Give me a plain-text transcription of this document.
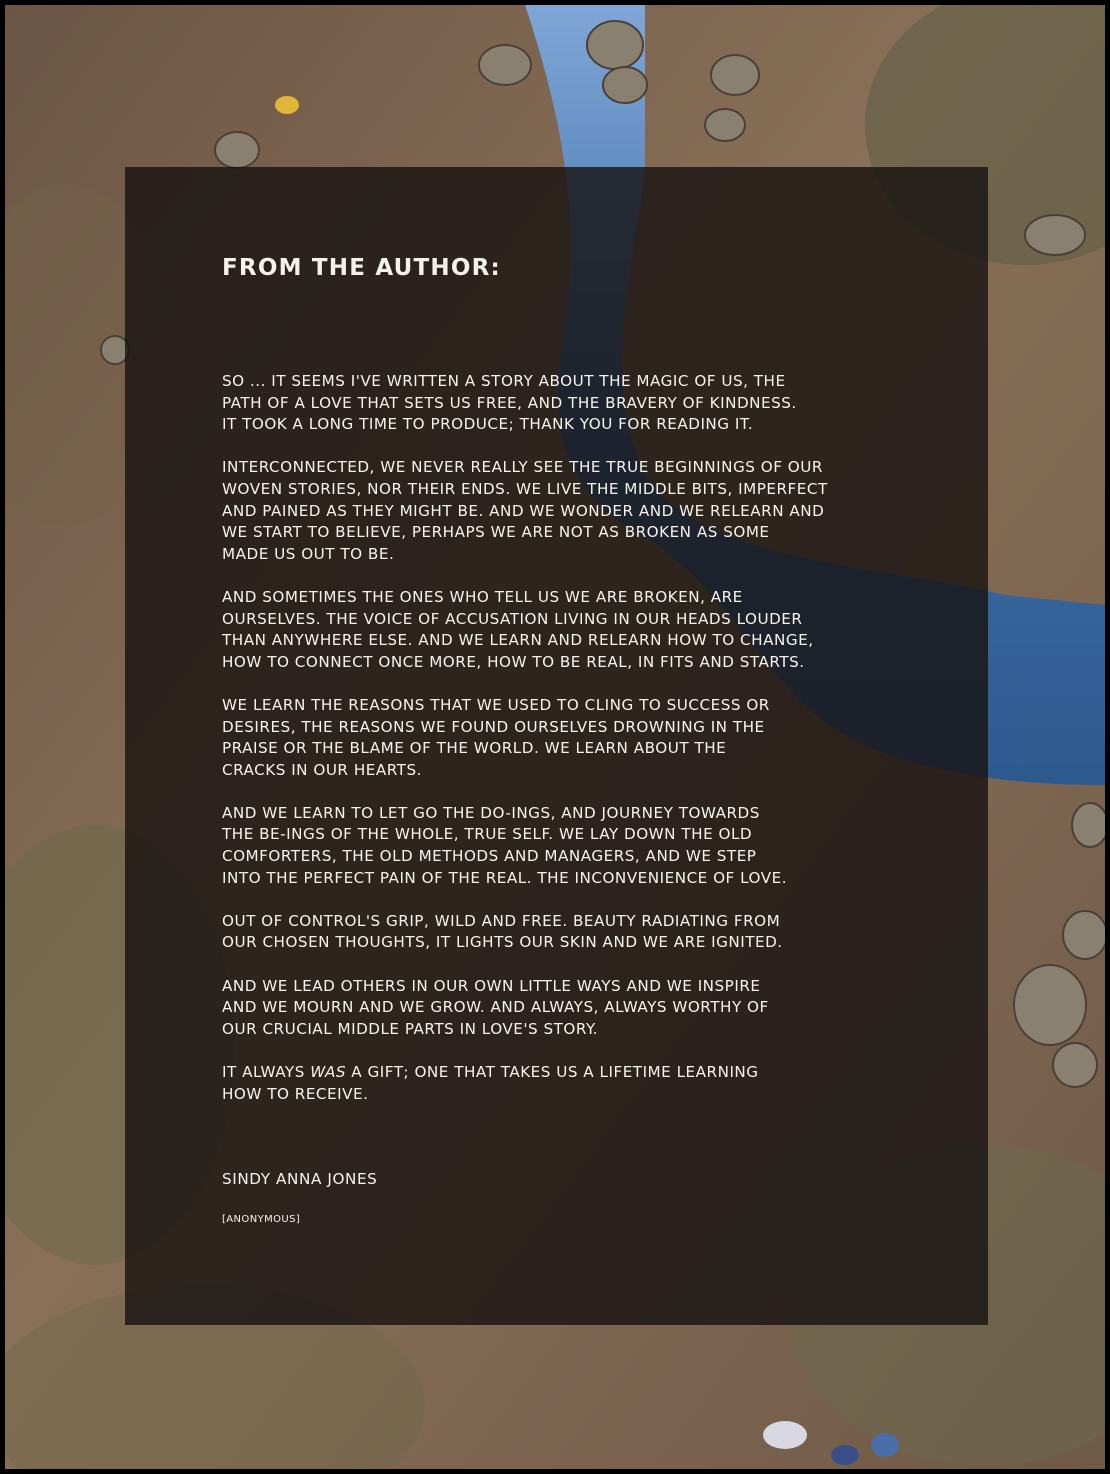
FROM THE AUTHOR:

SO ... IT SEEMS I'VE WRITTEN A STORY ABOUT THE MAGIC OF US, THE
PATH OF A LOVE THAT SETS US FREE, AND THE BRAVERY OF KINDNESS.
IT TOOK A LONG TIME TO PRODUCE; THANK YOU FOR READING IT.

INTERCONNECTED, WE NEVER REALLY SEE THE TRUE BEGINNINGS OF OUR
WOVEN STORIES, NOR THEIR ENDS. WE LIVE THE MIDDLE BITS, IMPERFECT
AND PAINED AS THEY MIGHT BE. AND WE WONDER AND WE RELEARN AND
WE START TO BELIEVE, PERHAPS WE ARE NOT AS BROKEN AS SOME
MADE US OUT TO BE.

AND SOMETIMES THE ONES WHO TELL US WE ARE BROKEN, ARE
OURSELVES. THE VOICE OF ACCUSATION LIVING IN OUR HEADS LOUDER
THAN ANYWHERE ELSE. AND WE LEARN AND RELEARN HOW TO CHANGE,
HOW TO CONNECT ONCE MORE, HOW TO BE REAL, IN FITS AND STARTS.

WE LEARN THE REASONS THAT WE USED TO CLING TO SUCCESS OR
DESIRES, THE REASONS WE FOUND OURSELVES DROWNING IN THE
PRAISE OR THE BLAME OF THE WORLD. WE LEARN ABOUT THE
CRACKS IN OUR HEARTS.

AND WE LEARN TO LET GO THE DO-INGS, AND JOURNEY TOWARDS
THE BE-INGS OF THE WHOLE, TRUE SELF. WE LAY DOWN THE OLD
COMFORTERS, THE OLD METHODS AND MANAGERS, AND WE STEP
INTO THE PERFECT PAIN OF THE REAL. THE INCONVENIENCE OF LOVE.

OUT OF CONTROL'S GRIP, WILD AND FREE. BEAUTY RADIATING FROM
OUR CHOSEN THOUGHTS, IT LIGHTS OUR SKIN AND WE ARE IGNITED.

AND WE LEAD OTHERS IN OUR OWN LITTLE WAYS AND WE INSPIRE
AND WE MOURN AND WE GROW. AND ALWAYS, ALWAYS WORTHY OF
OUR CRUCIAL MIDDLE PARTS IN LOVE'S STORY.

IT ALWAYS WAS A GIFT; ONE THAT TAKES US A LIFETIME LEARNING
HOW TO RECEIVE.

SINDY ANNA JONES

[ANONYMOUS]
